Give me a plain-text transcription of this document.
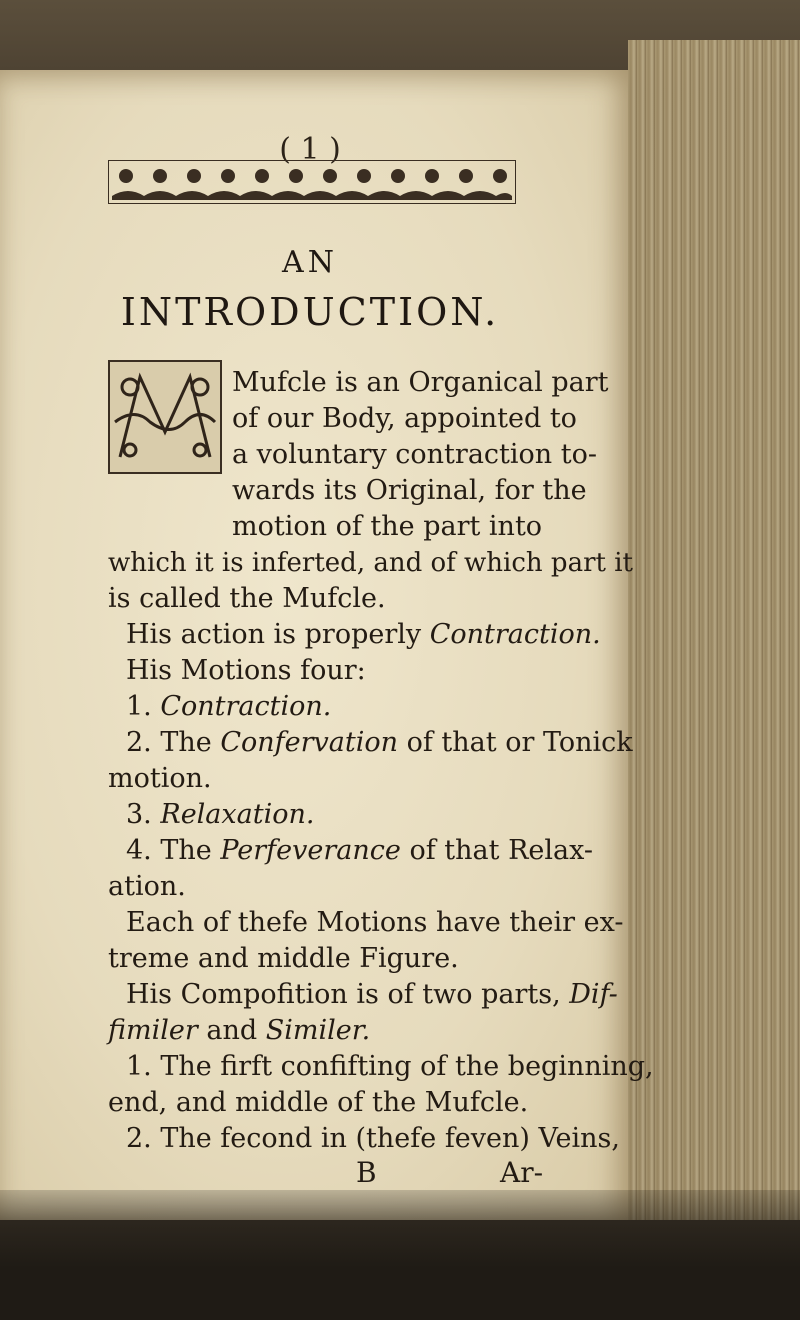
( 1 )
AN
INTRODUCTION.
Mufcle is an Organical part
of our Body, appointed to
a voluntary contraction to-
wards its Original, for the
motion of the part into
which it is inferted, and of which part it
is called the Mufcle.
His action is properly Contraction.
His Motions four:
1. Contraction.
2. The Confervation of that or Tonick
motion.
3. Relaxation.
4. The Perfeverance of that Relax-
ation.
Each of thefe Motions have their ex-
treme and middle Figure.
His Compofition is of two parts, Dif-
fimiler and Similer.
1. The firft confifting of the beginning,
end, and middle of the Mufcle.
2. The fecond in (thefe feven) Veins,
B	Ar-
